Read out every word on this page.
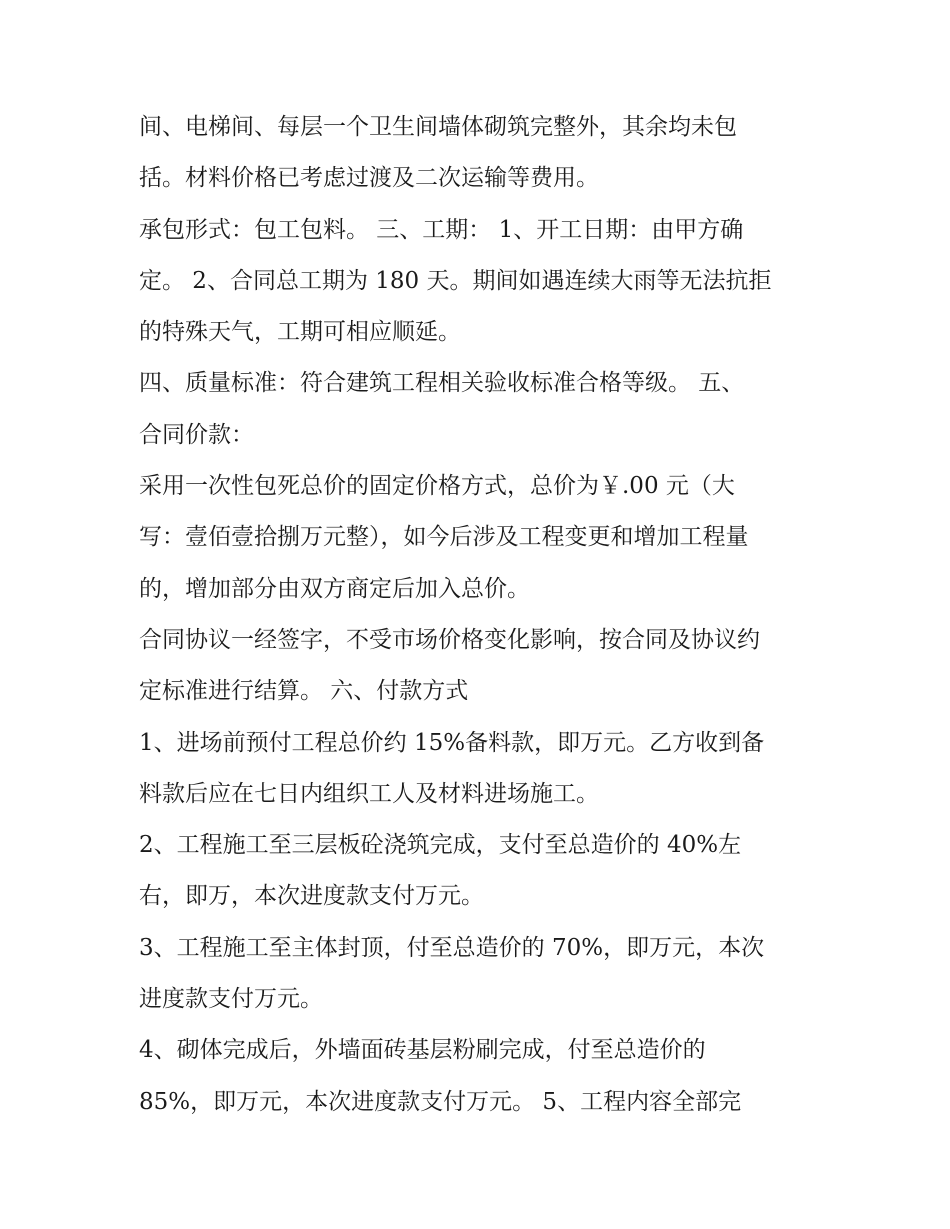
间、电梯间、每层一个卫生间墙体砌筑完整外，其余均未包
括。材料价格已考虑过渡及二次运输等费用。
承包形式：包工包料。 三、工期： 1、开工日期：由甲方确
定。 2、合同总工期为 180 天。期间如遇连续大雨等无法抗拒
的特殊天气，工期可相应顺延。
四、质量标准：符合建筑工程相关验收标准合格等级。 五、
合同价款：
采用一次性包死总价的固定价格方式，总价为￥.00 元（大
写：壹佰壹拾捌万元整），如今后涉及工程变更和增加工程量
的，增加部分由双方商定后加入总价。
合同协议一经签字，不受市场价格变化影响，按合同及协议约
定标准进行结算。 六、付款方式
1、进场前预付工程总价约 15%备料款，即万元。乙方收到备
料款后应在七日内组织工人及材料进场施工。
2、工程施工至三层板砼浇筑完成，支付至总造价的 40%左
右，即万，本次进度款支付万元。
3、工程施工至主体封顶，付至总造价的 70%，即万元，本次
进度款支付万元。
4、砌体完成后，外墙面砖基层粉刷完成，付至总造价的
85%，即万元，本次进度款支付万元。 5、工程内容全部完
